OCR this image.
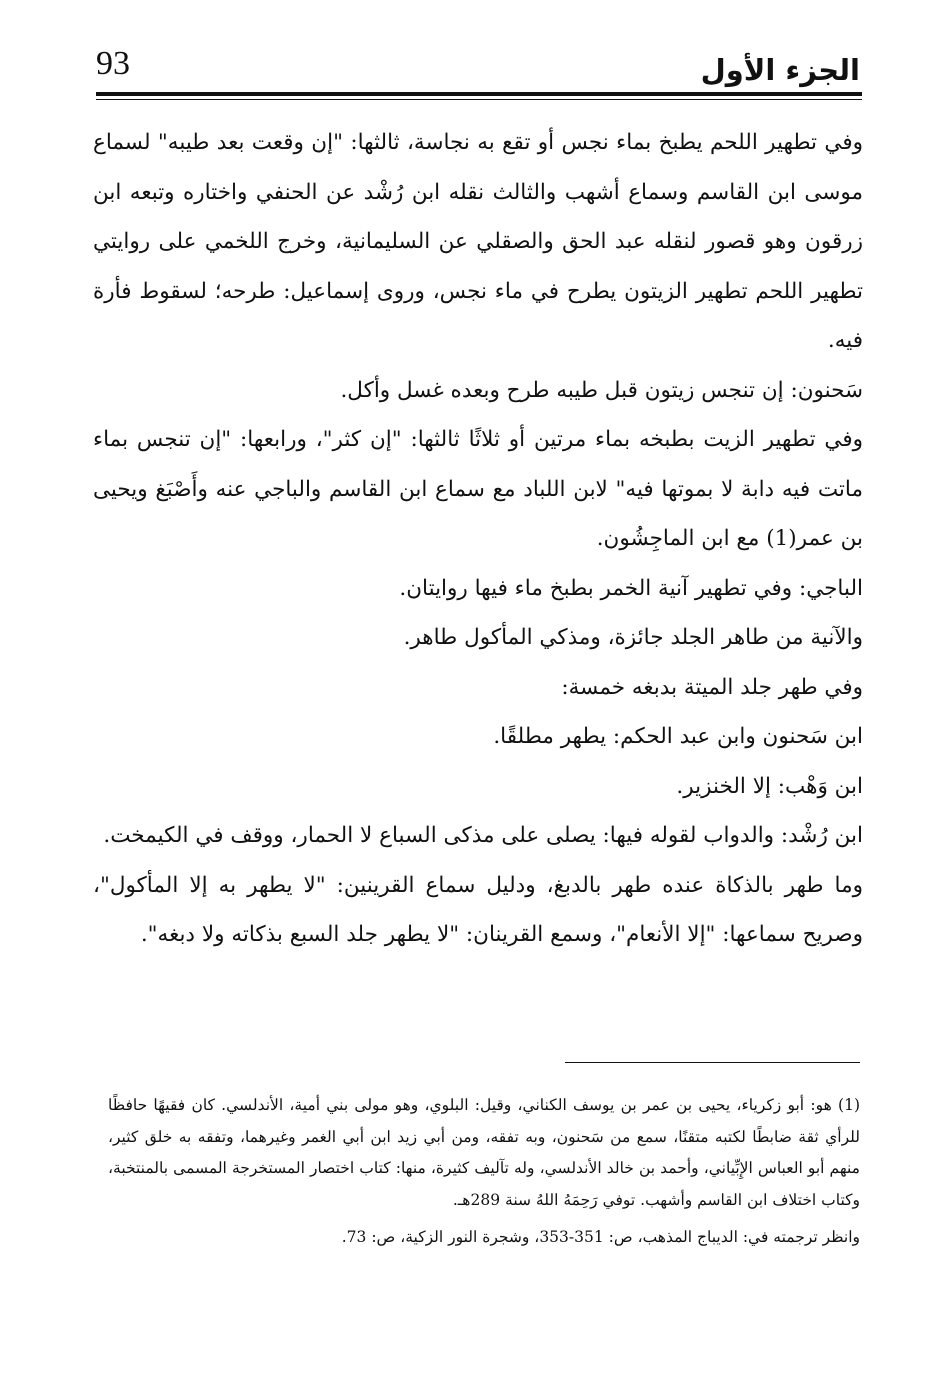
93	الجزء الأول

وفي تطهير اللحم يطبخ بماء نجس أو تقع به نجاسة، ثالثها: "إن وقعت بعد طيبه" لسماع موسى ابن القاسم وسماع أشهب والثالث نقله ابن رُشْد عن الحنفي واختاره وتبعه ابن زرقون وهو قصور لنقله عبد الحق والصقلي عن السليمانية، وخرج اللخمي على روايتي تطهير اللحم تطهير الزيتون يطرح في ماء نجس، وروى إسماعيل: طرحه؛ لسقوط فأرة فيه.

سَحنون: إن تنجس زيتون قبل طيبه طرح وبعده غسل وأكل.

وفي تطهير الزيت بطبخه بماء مرتين أو ثلاثًا ثالثها: "إن كثر"، ورابعها: "إن تنجس بماء ماتت فيه دابة لا بموتها فيه" لابن اللباد مع سماع ابن القاسم والباجي عنه وأَصْبَغ ويحيى بن عمر(1) مع ابن الماجِشُون.

الباجي: وفي تطهير آنية الخمر بطبخ ماء فيها روايتان.

والآنية من طاهر الجلد جائزة، ومذكي المأكول طاهر.

وفي طهر جلد الميتة بدبغه خمسة:

ابن سَحنون وابن عبد الحكم: يطهر مطلقًا.

ابن وَهْب: إلا الخنزير.

ابن رُشْد: والدواب لقوله فيها: يصلى على مذكى السباع لا الحمار، ووقف في الكيمخت.

وما طهر بالذكاة عنده طهر بالدبغ، ودليل سماع القرينين: "لا يطهر به إلا المأكول"، وصريح سماعها: "إلا الأنعام"، وسمع القرينان: "لا يطهر جلد السبع بذكاته ولا دبغه".

(1) هو: أبو زكرياء، يحيى بن عمر بن يوسف الكناني، وقيل: البلوي، وهو مولى بني أمية، الأندلسي. كان فقيهًا حافظًا للرأي ثقة ضابطًا لكتبه متقنًا، سمع من سَحنون، وبه تفقه، ومن أبي زيد ابن أبي الغمر وغيرهما، وتفقه به خلق كثير، منهم أبو العباس الإِبِّياني، وأحمد بن خالد الأندلسي، وله تآليف كثيرة، منها: كتاب اختصار المستخرجة المسمى بالمنتخبة، وكتاب اختلاف ابن القاسم وأشهب. توفي رَحِمَهُ اللهُ سنة 289هـ.

وانظر ترجمته في: الديباج المذهب، ص: 351-353، وشجرة النور الزكية، ص: 73.
